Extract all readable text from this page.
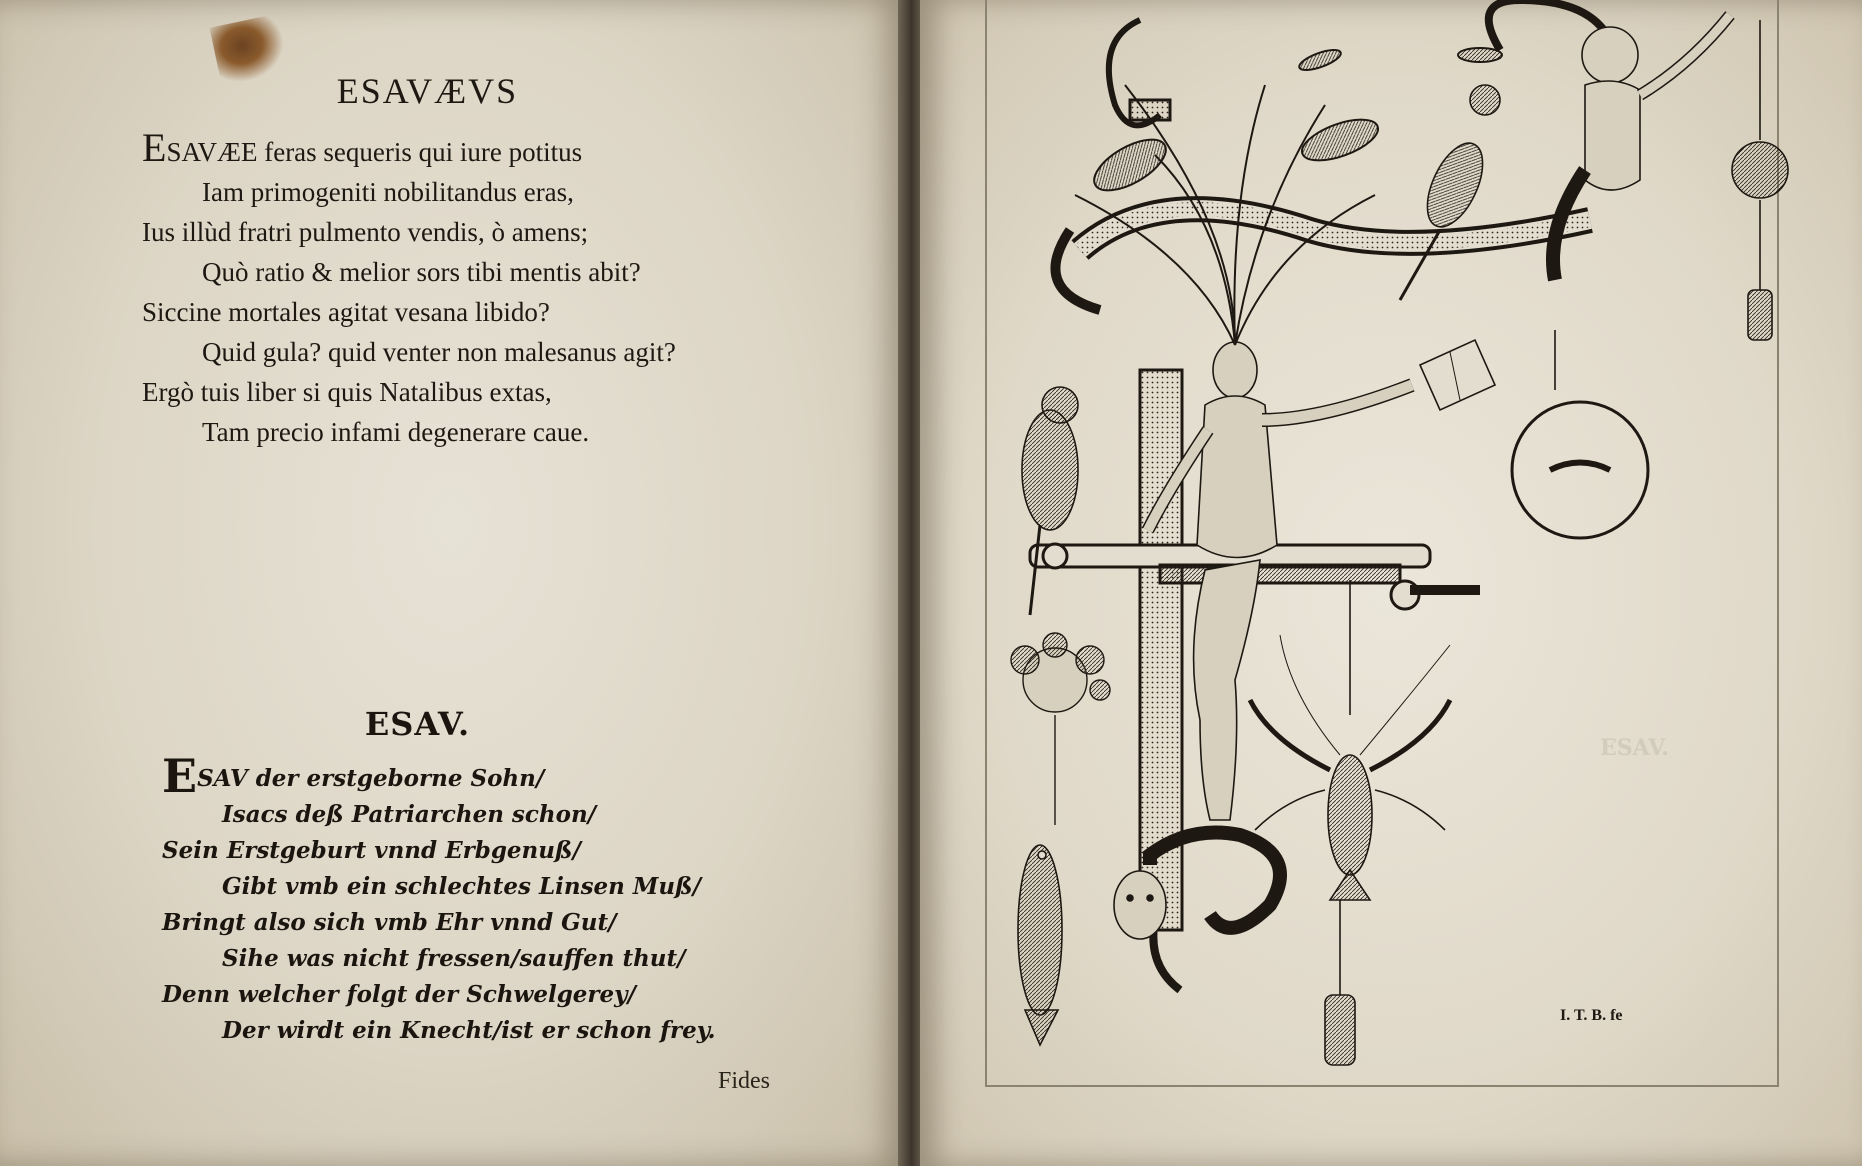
ESAVÆVS
ESAVÆE feras sequeris qui iure potitus
Iam primogeniti nobilitandus eras,
Ius illùd fratri pulmento vendis, ò amens;
Quò ratio & melior sors tibi mentis abit?
Siccine mortales agitat vesana libido?
Quid gula? quid venter non malesanus agit?
Ergò tuis liber si quis Natalibus extas,
Tam precio infami degenerare caue.
ESAV.
ESAV der erstgeborne Sohn/
Isacs deß Patriarchen schon/
Sein Erstgeburt vnnd Erbgenuß/
Gibt vmb ein schlechtes Linsen Muß/
Bringt also sich vmb Ehr vnnd Gut/
Sihe was nicht fressen/sauffen thut/
Denn welcher folgt der Schwelgerey/
Der wirdt ein Knecht/ist er schon frey.
Fides
ESAV.
I. T. B. fe
